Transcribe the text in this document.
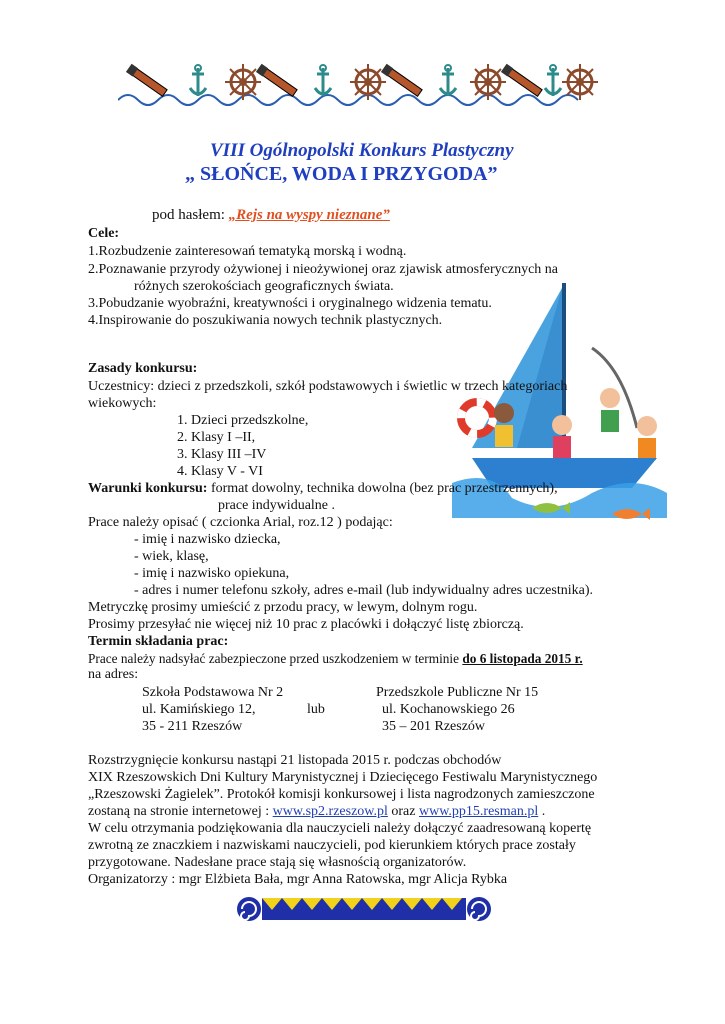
VIII Ogólnopolski Konkurs Plastyczny
„ SŁOŃCE, WODA I PRZYGODA”
pod hasłem: „Rejs na wyspy nieznane”
Cele:
1.Rozbudzenie zainteresowań tematyką morską i wodną.
2.Poznawanie przyrody ożywionej i nieożywionej oraz zjawisk atmosferycznych na
różnych szerokościach geograficznych świata.
3.Pobudzanie wyobraźni, kreatywności i oryginalnego widzenia tematu.
4.Inspirowanie do poszukiwania nowych technik plastycznych.
Zasady konkursu:
Uczestnicy: dzieci z przedszkoli, szkół podstawowych i świetlic w trzech kategoriach
wiekowych:
1. Dzieci przedszkolne,
2. Klasy I –II,
3. Klasy III –IV
4. Klasy V - VI
Warunki konkursu: format dowolny, technika dowolna (bez prac przestrzennych),
prace indywidualne .
Prace należy opisać ( czcionka Arial, roz.12 ) podając:
- imię i nazwisko dziecka,
- wiek, klasę,
- imię i nazwisko opiekuna,
- adres i numer telefonu szkoły, adres e-mail (lub indywidualny adres uczestnika).
Metryczkę prosimy umieścić z przodu pracy, w lewym, dolnym rogu.
Prosimy przesyłać nie więcej niż 10 prac z placówki i dołączyć listę zbiorczą.
Termin składania prac:
Prace należy nadsyłać zabezpieczone przed uszkodzeniem w terminie do 6 listopada 2015 r.
na adres:
Szkoła Podstawowa Nr 2
ul. Kamińskiego 12,
35 - 211 Rzeszów
lub
Przedszkole Publiczne Nr 15
ul. Kochanowskiego 26
35 – 201 Rzeszów
Rozstrzygnięcie konkursu nastąpi 21 listopada 2015 r. podczas obchodów
XIX Rzeszowskich Dni Kultury Marynistycznej i Dziecięcego Festiwalu Marynistycznego
„Rzeszowski Żagielek”. Protokół komisji konkursowej i lista nagrodzonych zamieszczone
zostaną na stronie internetowej : www.sp2.rzeszow.pl oraz www.pp15.resman.pl .
W celu otrzymania podziękowania dla nauczycieli należy dołączyć zaadresowaną kopertę
zwrotną ze znaczkiem i nazwiskami nauczycieli, pod kierunkiem których prace zostały
przygotowane. Nadesłane prace stają się własnością organizatorów.
Organizatorzy : mgr Elżbieta Bała, mgr Anna Ratowska, mgr Alicja Rybka
